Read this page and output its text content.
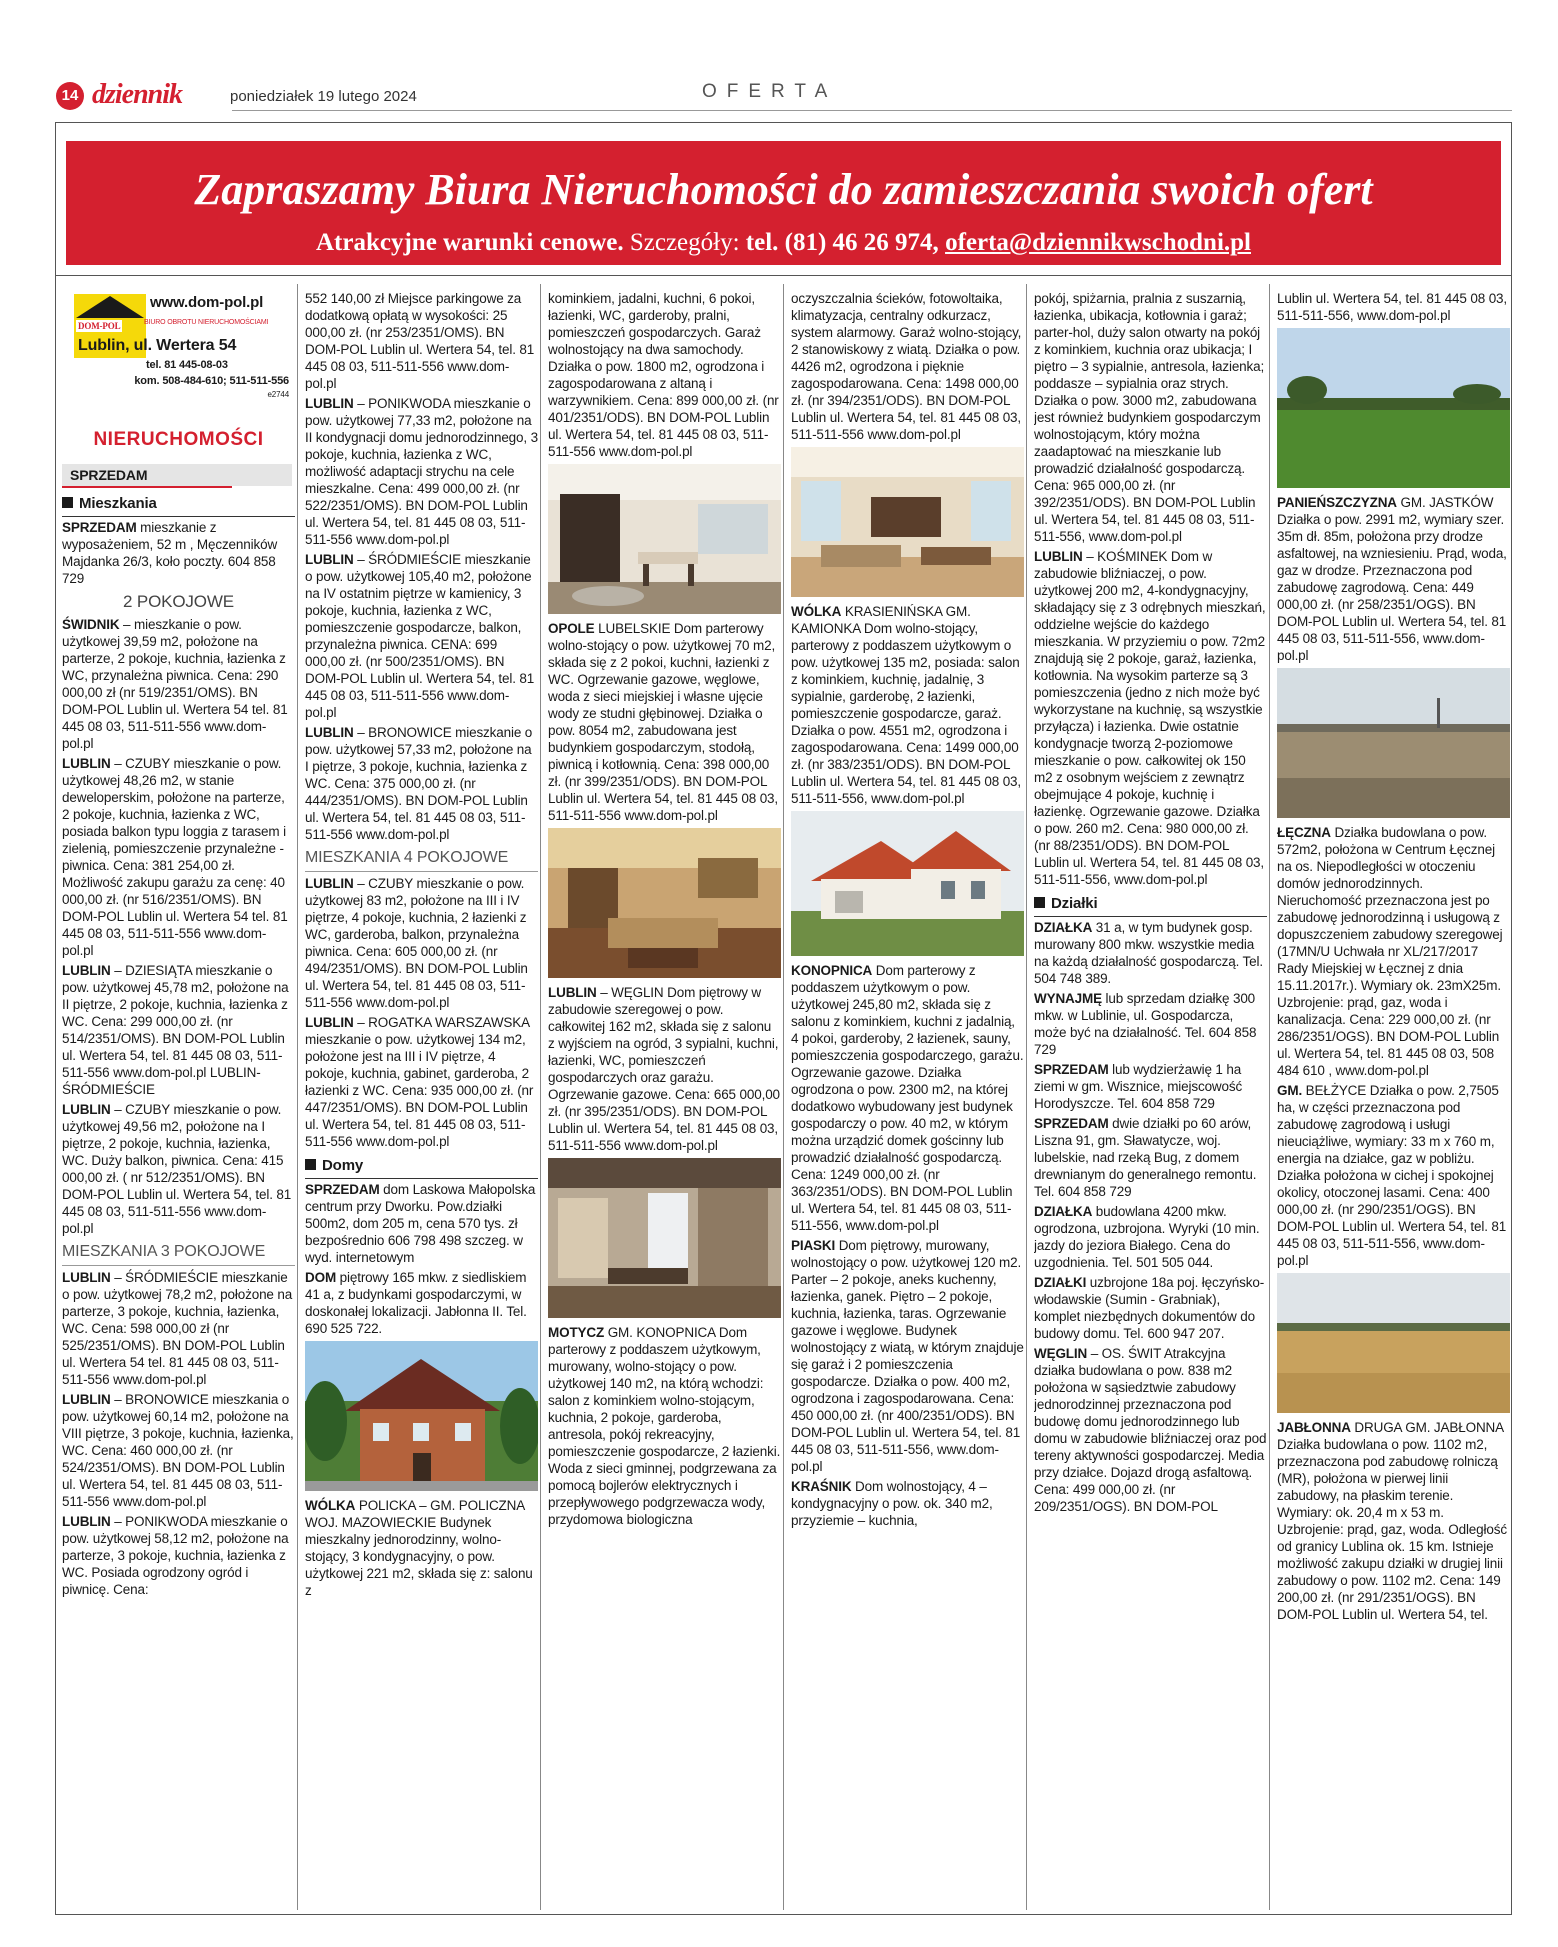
14 dziennik	poniedziałek 19 lutego 2024	OFERTA
Zapraszamy Biura Nieruchomości do zamieszczania swoich ofert
Atrakcyjne warunki cenowe. Szczegóły: tel. (81) 46 26 974, oferta@dziennikwschodni.pl
DOM-POL
www.dom-pol.pl
BIURO OBROTU NIERUCHOMOŚCIAMI
Lublin, ul. Wertera 54
tel. 81 445-08-03
kom. 508-484-610; 511-511-556
e2744
NIERUCHOMOŚCI
SPRZEDAM
Mieszkania

SPRZEDAM mieszkanie z wyposażeniem, 52 m , Męczenników Majdanka 26/3, koło poczty. 604 858 729

2 POKOJOWE

ŚWIDNIK – mieszkanie o pow. użytkowej 39,59 m2, położone na parterze, 2 pokoje, kuchnia, łazienka z WC, przynależna piwnica. Cena: 290 000,00 zł (nr 519/2351/OMS). BN DOM-POL Lublin ul. Wertera 54 tel. 81 445 08 03, 511-511-556 www.dom-pol.pl

LUBLIN – CZUBY mieszkanie o pow. użytkowej 48,26 m2, w stanie deweloperskim, położone na parterze, 2 pokoje, kuchnia, łazienka z WC, posiada balkon typu loggia z tarasem i zielenią, pomieszczenie przynależne - piwnica. Cena: 381 254,00 zł. Możliwość zakupu garażu za cenę: 40 000,00 zł. (nr 516/2351/OMS). BN DOM-POL Lublin ul. Wertera 54 tel. 81 445 08 03, 511-511-556 www.dom-pol.pl

LUBLIN – DZIESIĄTA mieszkanie o pow. użytkowej 45,78 m2, położone na II piętrze, 2 pokoje, kuchnia, łazienka z WC. Cena: 299 000,00 zł. (nr 514/2351/OMS). BN DOM-POL Lublin ul. Wertera 54, tel. 81 445 08 03, 511-511-556 www.dom-pol.pl LUBLIN- ŚRÓDMIEŚCIE

LUBLIN – CZUBY mieszkanie o pow. użytkowej 49,56 m2, położone na I piętrze, 2 pokoje, kuchnia, łazienka, WC. Duży balkon, piwnica. Cena: 415 000,00 zł. ( nr 512/2351/OMS). BN DOM-POL Lublin ul. Wertera 54, tel. 81 445 08 03, 511-511-556 www.dom-pol.pl

MIESZKANIA 3 POKOJOWE

LUBLIN – ŚRÓDMIEŚCIE mieszkanie o pow. użytkowej 78,2 m2, położone na parterze, 3 pokoje, kuchnia, łazienka, WC. Cena: 598 000,00 zł (nr 525/2351/OMS). BN DOM-POL Lublin ul. Wertera 54 tel. 81 445 08 03, 511-511-556 www.dom-pol.pl

LUBLIN – BRONOWICE mieszkania o pow. użytkowej 60,14 m2, położone na VIII piętrze, 3 pokoje, kuchnia, łazienka, WC. Cena: 460 000,00 zł. (nr 524/2351/OMS). BN DOM-POL Lublin ul. Wertera 54, tel. 81 445 08 03, 511-511-556 www.dom-pol.pl

LUBLIN – PONIKWODA mieszkanie o pow. użytkowej 58,12 m2, położone na parterze, 3 pokoje, kuchnia, łazienka z WC. Posiada ogrodzony ogród i piwnicę. Cena:

552 140,00 zł Miejsce parkingowe za dodatkową opłatą w wysokości: 25 000,00 zł. (nr 253/2351/OMS). BN DOM-POL Lublin ul. Wertera 54, tel. 81 445 08 03, 511-511-556 www.dom-pol.pl

LUBLIN – PONIKWODA mieszkanie o pow. użytkowej 77,33 m2, położone na II kondygnacji domu jednorodzinnego, 3 pokoje, kuchnia, łazienka z WC, możliwość adaptacji strychu na cele mieszkalne. Cena: 499 000,00 zł. (nr 522/2351/OMS). BN DOM-POL Lublin ul. Wertera 54, tel. 81 445 08 03, 511-511-556 www.dom-pol.pl

LUBLIN – ŚRÓDMIEŚCIE mieszkanie o pow. użytkowej 105,40 m2, położone na IV ostatnim piętrze w kamienicy, 3 pokoje, kuchnia, łazienka z WC, pomieszczenie gospodarcze, balkon, przynależna piwnica. CENA: 699 000,00 zł. (nr 500/2351/OMS). BN DOM-POL Lublin ul. Wertera 54, tel. 81 445 08 03, 511-511-556 www.dom-pol.pl

LUBLIN – BRONOWICE mieszkanie o pow. użytkowej 57,33 m2, położone na I piętrze, 3 pokoje, kuchnia, łazienka z WC. Cena: 375 000,00 zł. (nr 444/2351/OMS). BN DOM-POL Lublin ul. Wertera 54, tel. 81 445 08 03, 511-511-556 www.dom-pol.pl

MIESZKANIA 4 POKOJOWE

LUBLIN – CZUBY mieszkanie o pow. użytkowej 83 m2, położone na III i IV piętrze, 4 pokoje, kuchnia, 2 łazienki z WC, garderoba, balkon, przynależna piwnica. Cena: 605 000,00 zł. (nr 494/2351/OMS). BN DOM-POL Lublin ul. Wertera 54, tel. 81 445 08 03, 511-511-556 www.dom-pol.pl

LUBLIN – ROGATKA WARSZAWSKA mieszkanie o pow. użytkowej 134 m2, położone jest na III i IV piętrze, 4 pokoje, kuchnia, gabinet, garderoba, 2 łazienki z WC. Cena: 935 000,00 zł. (nr 447/2351/OMS). BN DOM-POL Lublin ul. Wertera 54, tel. 81 445 08 03, 511-511-556 www.dom-pol.pl

Domy

SPRZEDAM dom Laskowa Małopolska centrum przy Dworku. Pow.działki 500m2, dom 205 m, cena 570 tys. zł bezpośrednio 606 798 498 szczeg. w wyd. internetowym

DOM piętrowy 165 mkw. z siedliskiem 41 a, z budynkami gospodarczymi, w doskonałej lokalizacji. Jabłonna II. Tel. 690 525 722.

WÓLKA POLICKA – GM. POLICZNA WOJ. MAZOWIECKIE Budynek mieszkalny jednorodzinny, wolno-stojący, 3 kondygnacyjny, o pow. użytkowej 221 m2, składa się z: salonu z

kominkiem, jadalni, kuchni, 6 pokoi, łazienki, WC, garderoby, pralni, pomieszczeń gospodarczych. Garaż wolnostojący na dwa samochody. Działka o pow. 1800 m2, ogrodzona i zagospodarowana z altaną i warzywnikiem. Cena: 899 000,00 zł. (nr 401/2351/ODS). BN DOM-POL Lublin ul. Wertera 54, tel. 81 445 08 03, 511-511-556 www.dom-pol.pl

OPOLE LUBELSKIE Dom parterowy wolno-stojący o pow. użytkowej 70 m2, składa się z 2 pokoi, kuchni, łazienki z WC. Ogrzewanie gazowe, węglowe, woda z sieci miejskiej i własne ujęcie wody ze studni głębinowej. Działka o pow. 8054 m2, zabudowana jest budynkiem gospodarczym, stodołą, piwnicą i kotłownią. Cena: 398 000,00 zł. (nr 399/2351/ODS). BN DOM-POL Lublin ul. Wertera 54, tel. 81 445 08 03, 511-511-556 www.dom-pol.pl

LUBLIN – WĘGLIN Dom piętrowy w zabudowie szeregowej o pow. całkowitej 162 m2, składa się z salonu z wyjściem na ogród, 3 sypialni, kuchni, łazienki, WC, pomieszczeń gospodarczych oraz garażu. Ogrzewanie gazowe. Cena: 665 000,00 zł. (nr 395/2351/ODS). BN DOM-POL Lublin ul. Wertera 54, tel. 81 445 08 03, 511-511-556 www.dom-pol.pl

MOTYCZ GM. KONOPNICA Dom parterowy z poddaszem użytkowym, murowany, wolno-stojący o pow. użytkowej 140 m2, na którą wchodzi: salon z kominkiem wolno-stojącym, kuchnia, 2 pokoje, garderoba, antresola, pokój rekreacyjny, pomieszczenie gospodarcze, 2 łazienki. Woda z sieci gminnej, podgrzewana za pomocą bojlerów elektrycznych i przepływowego podgrzewacza wody, przydomowa biologiczna

oczyszczalnia ścieków, fotowoltaika, klimatyzacja, centralny odkurzacz, system alarmowy. Garaż wolno-stojący, 2 stanowiskowy z wiatą. Działka o pow. 4426 m2, ogrodzona i pięknie zagospodarowana. Cena: 1498 000,00 zł. (nr 394/2351/ODS). BN DOM-POL Lublin ul. Wertera 54, tel. 81 445 08 03, 511-511-556 www.dom-pol.pl

WÓLKA KRASIENIŃSKA GM. KAMIONKA Dom wolno-stojący, parterowy z poddaszem użytkowym o pow. użytkowej 135 m2, posiada: salon z kominkiem, kuchnię, jadalnię, 3 sypialnie, garderobę, 2 łazienki, pomieszczenie gospodarcze, garaż. Działka o pow. 4551 m2, ogrodzona i zagospodarowana. Cena: 1499 000,00 zł. (nr 383/2351/ODS). BN DOM-POL Lublin ul. Wertera 54, tel. 81 445 08 03, 511-511-556, www.dom-pol.pl

KONOPNICA Dom parterowy z poddaszem użytkowym o pow. użytkowej 245,80 m2, składa się z salonu z kominkiem, kuchni z jadalnią, 4 pokoi, garderoby, 2 łazienek, sauny, pomieszczenia gospodarczego, garażu. Ogrzewanie gazowe. Działka ogrodzona o pow. 2300 m2, na której dodatkowo wybudowany jest budynek gospodarczy o pow. 40 m2, w którym można urządzić domek gościnny lub prowadzić działalność gospodarczą. Cena: 1249 000,00 zł. (nr 363/2351/ODS). BN DOM-POL Lublin ul. Wertera 54, tel. 81 445 08 03, 511-511-556, www.dom-pol.pl

PIASKI Dom piętrowy, murowany, wolnostojący o pow. użytkowej 120 m2. Parter – 2 pokoje, aneks kuchenny, łazienka, ganek. Piętro – 2 pokoje, kuchnia, łazienka, taras. Ogrzewanie gazowe i węglowe. Budynek wolnostojący z wiatą, w którym znajduje się garaż i 2 pomieszczenia gospodarcze. Działka o pow. 400 m2, ogrodzona i zagospodarowana. Cena: 450 000,00 zł. (nr 400/2351/ODS). BN DOM-POL Lublin ul. Wertera 54, tel. 81 445 08 03, 511-511-556, www.dom-pol.pl

KRAŚNIK Dom wolnostojący, 4 – kondygnacyjny o pow. ok. 340 m2, przyziemie – kuchnia,

pokój, spiżarnia, pralnia z suszarnią, łazienka, ubikacja, kotłownia i garaż; parter-hol, duży salon otwarty na pokój z kominkiem, kuchnia oraz ubikacja; I piętro – 3 sypialnie, antresola, łazienka; poddasze – sypialnia oraz strych. Działka o pow. 3000 m2, zabudowana jest również budynkiem gospodarczym wolnostojącym, który można zaadaptować na mieszkanie lub prowadzić działalność gospodarczą. Cena: 965 000,00 zł. (nr 392/2351/ODS). BN DOM-POL Lublin ul. Wertera 54, tel. 81 445 08 03, 511-511-556, www.dom-pol.pl

LUBLIN – KOŚMINEK Dom w zabudowie bliźniaczej, o pow. użytkowej 200 m2, 4-kondygnacyjny, składający się z 3 odrębnych mieszkań, oddzielne wejście do każdego mieszkania. W przyziemiu o pow. 72m2 znajdują się 2 pokoje, garaż, łazienka, kotłownia. Na wysokim parterze są 3 pomieszczenia (jedno z nich może być wykorzystane na kuchnię, są wszystkie przyłącza) i łazienka. Dwie ostatnie kondygnacje tworzą 2-poziomowe mieszkanie o pow. całkowitej ok 150 m2 z osobnym wejściem z zewnątrz obejmujące 4 pokoje, kuchnię i łazienkę. Ogrzewanie gazowe. Działka o pow. 260 m2. Cena: 980 000,00 zł. (nr 88/2351/ODS). BN DOM-POL Lublin ul. Wertera 54, tel. 81 445 08 03, 511-511-556, www.dom-pol.pl

Działki

DZIAŁKA 31 a, w tym budynek gosp. murowany 800 mkw. wszystkie media na każdą działalność gospodarczą. Tel. 504 748 389.

WYNAJMĘ lub sprzedam działkę 300 mkw. w Lublinie, ul. Gospodarcza, może być na działalność. Tel. 604 858 729

SPRZEDAM lub wydzierżawię 1 ha ziemi w gm. Wisznice, miejscowość Horodyszcze. Tel. 604 858 729

SPRZEDAM dwie działki po 60 arów, Liszna 91, gm. Sławatycze, woj. lubelskie, nad rzeką Bug, z domem drewnianym do generalnego remontu. Tel. 604 858 729

DZIAŁKA budowlana 4200 mkw. ogrodzona, uzbrojona. Wyryki (10 min. jazdy do jeziora Białego. Cena do uzgodnienia. Tel. 501 505 044.

DZIAŁKI uzbrojone 18a poj. łęczyńsko-włodawskie (Sumin - Grabniak), komplet niezbędnych dokumentów do budowy domu. Tel. 600 947 207.

WĘGLIN – OS. ŚWIT Atrakcyjna działka budowlana o pow. 838 m2 położona w sąsiedztwie zabudowy jednorodzinnej przeznaczona pod budowę domu jednorodzinnego lub domu w zabudowie bliźniaczej oraz pod tereny aktywności gospodarczej. Media przy działce. Dojazd drogą asfaltową. Cena: 499 000,00 zł. (nr 209/2351/OGS). BN DOM-POL

Lublin ul. Wertera 54, tel. 81 445 08 03, 511-511-556, www.dom-pol.pl

PANIEŃSZCZYZNA GM. JASTKÓW Działka o pow. 2991 m2, wymiary szer. 35m dł. 85m, położona przy drodze asfaltowej, na wzniesieniu. Prąd, woda, gaz w drodze. Przeznaczona pod zabudowę zagrodową. Cena: 449 000,00 zł. (nr 258/2351/OGS). BN DOM-POL Lublin ul. Wertera 54, tel. 81 445 08 03, 511-511-556, www.dom-pol.pl

ŁĘCZNA Działka budowlana o pow. 572m2, położona w Centrum Łęcznej na os. Niepodległości w otoczeniu domów jednorodzinnych. Nieruchomość przeznaczona jest po zabudowę jednorodzinną i usługową z dopuszczeniem zabudowy szeregowej (17MN/U Uchwała nr XL/217/2017 Rady Miejskiej w Łęcznej z dnia 15.11.2017r.). Wymiary ok. 23mX25m. Uzbrojenie: prąd, gaz, woda i kanalizacja. Cena: 229 000,00 zł. (nr 286/2351/OGS). BN DOM-POL Lublin ul. Wertera 54, tel. 81 445 08 03, 508 484 610 , www.dom-pol.pl

GM. BEŁŻYCE Działka o pow. 2,7505 ha, w części przeznaczona pod zabudowę zagrodową i usługi nieuciążliwe, wymiary: 33 m x 760 m, energia na działce, gaz w pobliżu. Działka położona w cichej i spokojnej okolicy, otoczonej lasami. Cena: 400 000,00 zł. (nr 290/2351/OGS). BN DOM-POL Lublin ul. Wertera 54, tel. 81 445 08 03, 511-511-556, www.dom-pol.pl

JABŁONNA DRUGA GM. JABŁONNA Działka budowlana o pow. 1102 m2, przeznaczona pod zabudowę rolniczą (MR), położona w pierwej linii zabudowy, na płaskim terenie. Wymiary: ok. 20,4 m x 53 m. Uzbrojenie: prąd, gaz, woda. Odległość od granicy Lublina ok. 15 km. Istnieje możliwość zakupu działki w drugiej linii zabudowy o pow. 1102 m2. Cena: 149 200,00 zł. (nr 291/2351/OGS). BN DOM-POL Lublin ul. Wertera 54, tel.
